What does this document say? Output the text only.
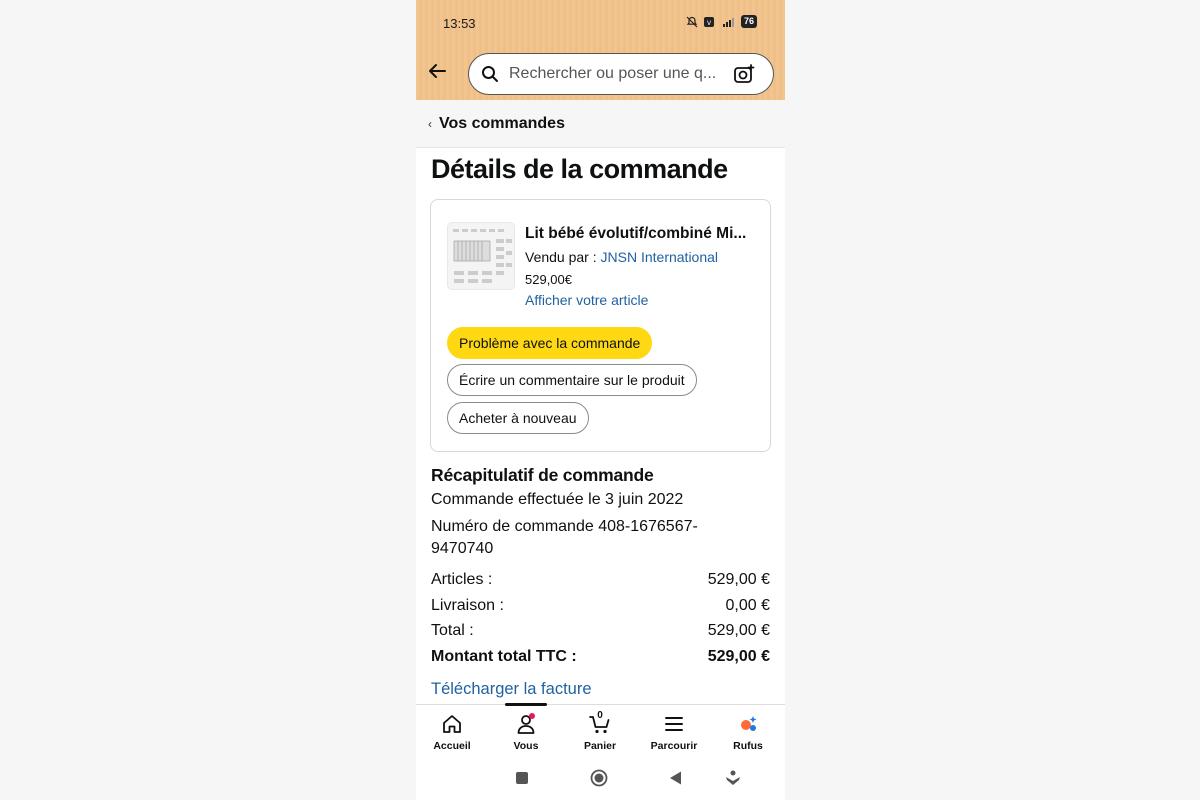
13:53	V	76
Rechercher ou poser une q...
‹ Vos commandes
Détails de la commande
Lit bébé évolutif/combiné Mi...
Vendu par : JNSN International
529,00€
Afficher votre article
Problème avec la commande
Écrire un commentaire sur le produit
Acheter à nouveau
Récapitulatif de commande
Commande effectuée le 3 juin 2022
Numéro de commande 408-1676567-9470740
Articles :	529,00 €
Livraison :	0,00 €
Total :	529,00 €
Montant total TTC :	529,00 €
Télécharger la facture
Accueil	Vous
0
Panier	Parcourir	Rufus
